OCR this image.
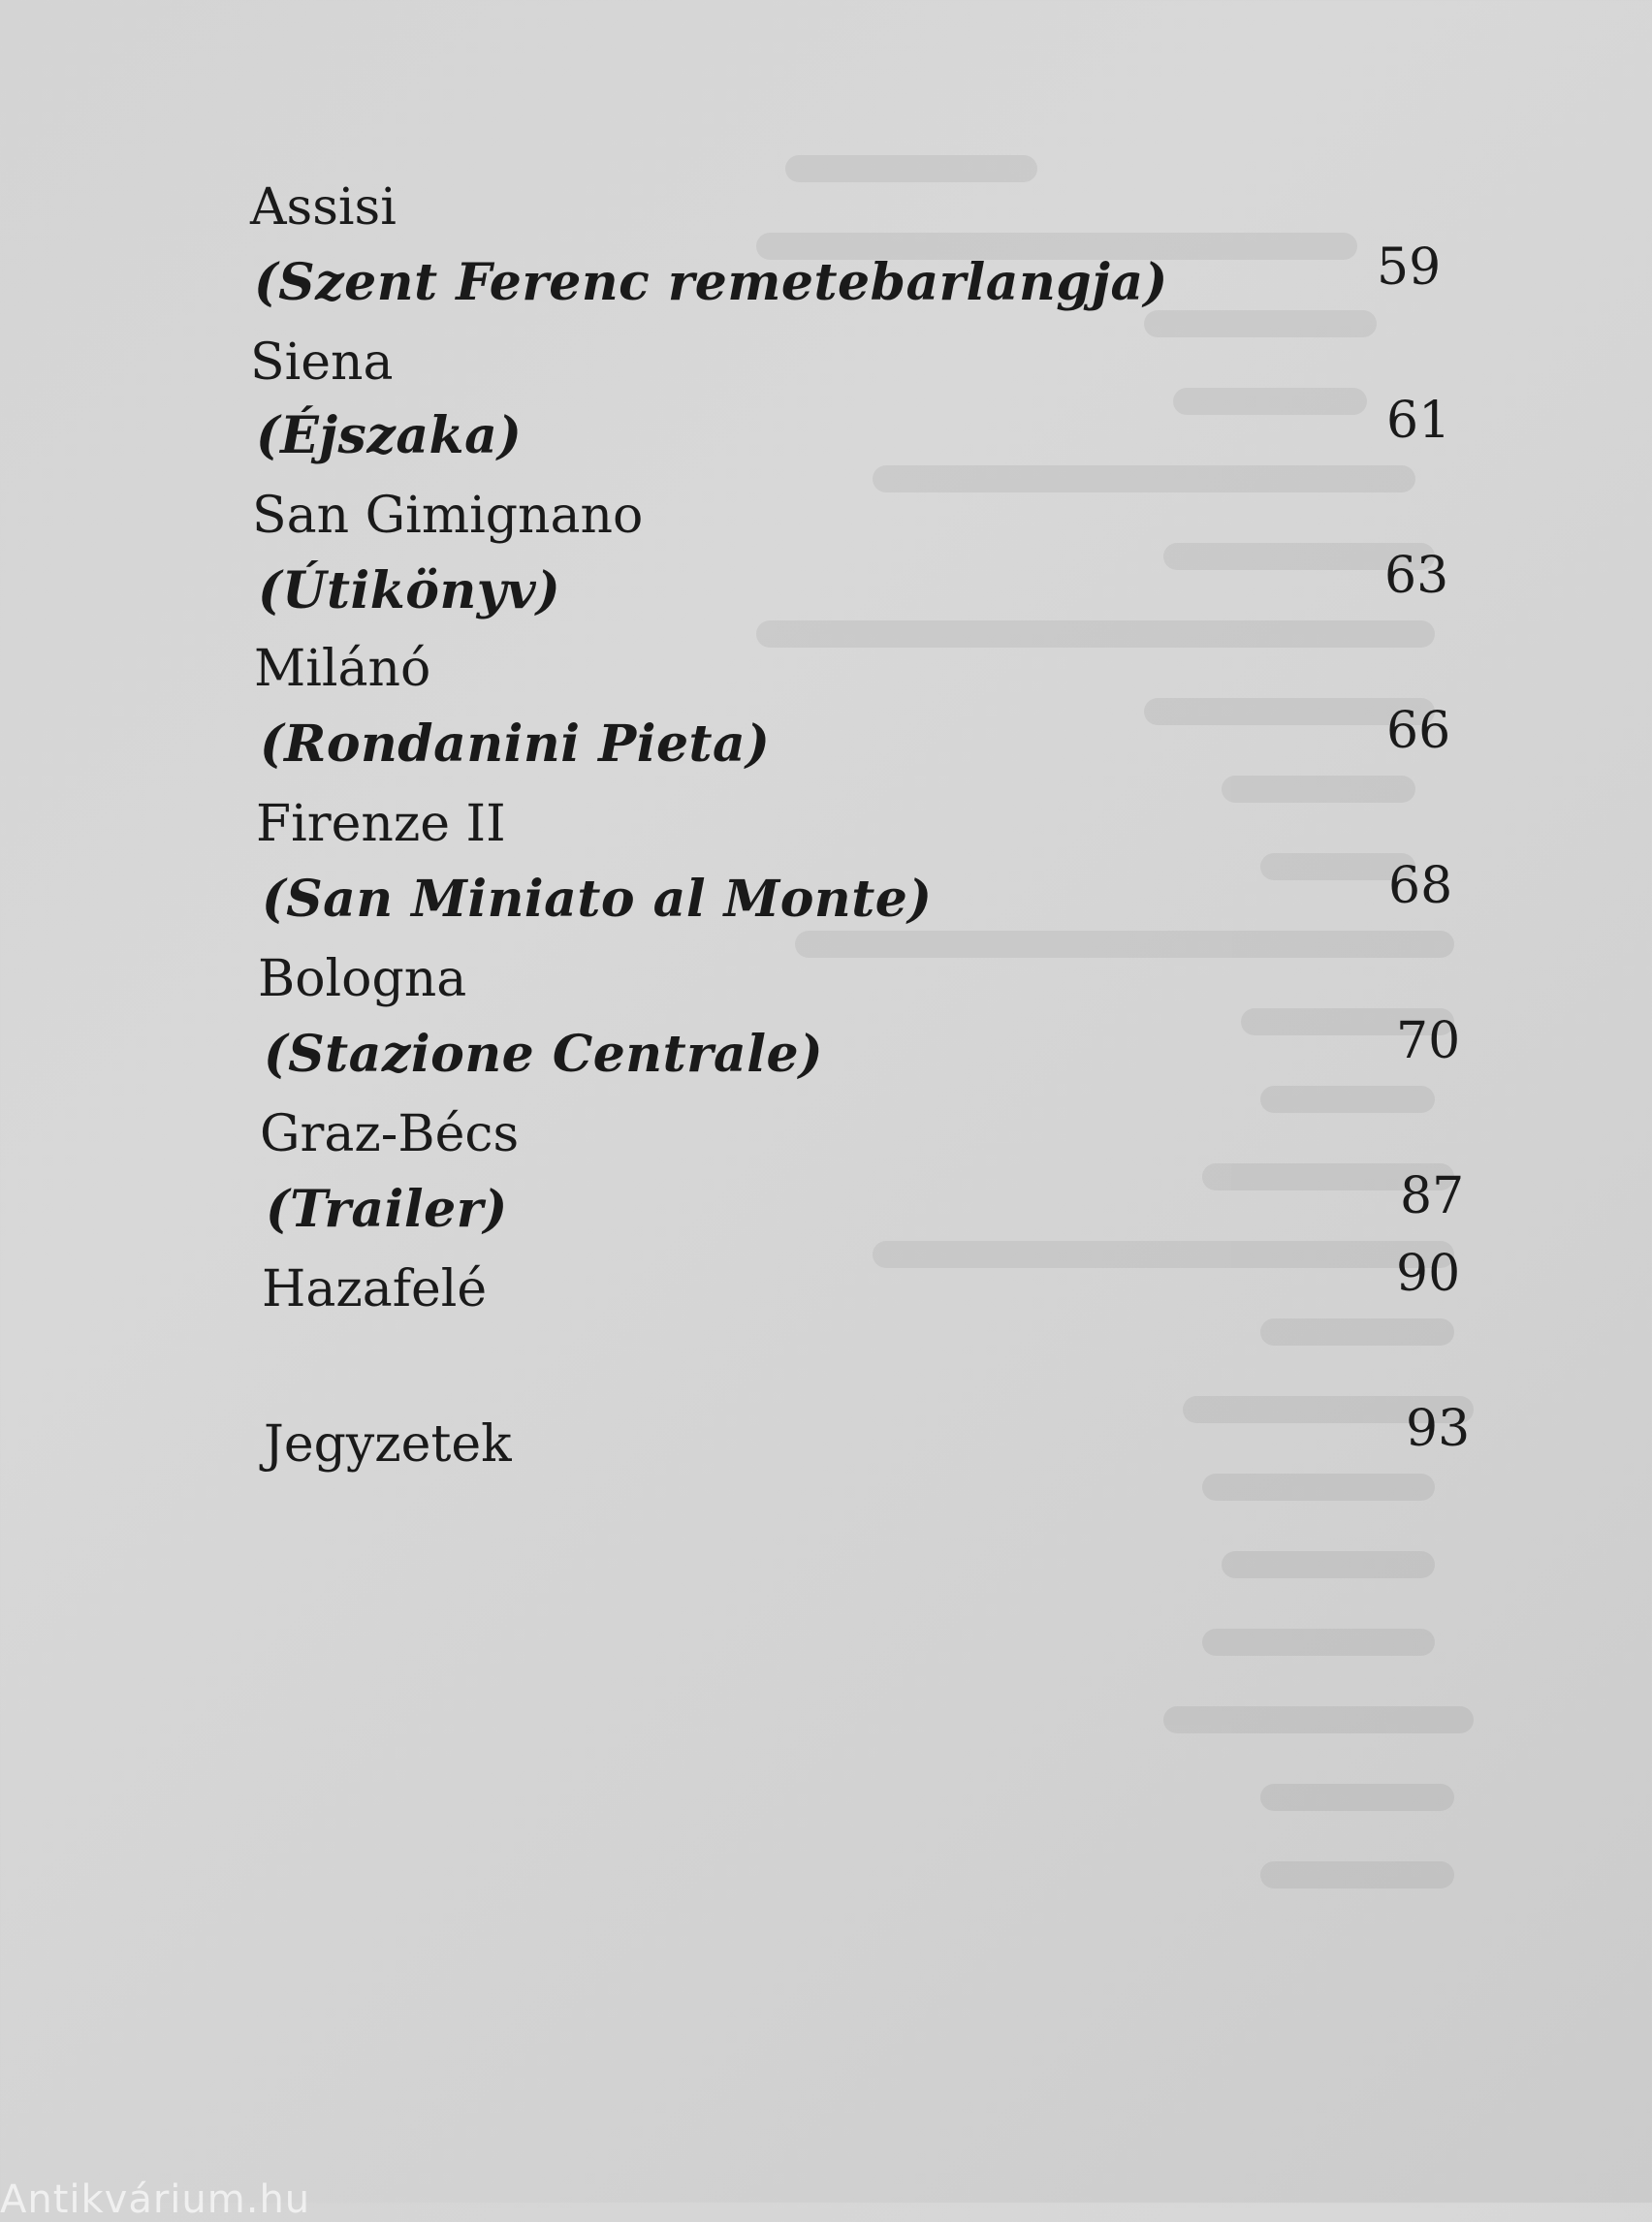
Assisi
(Szent Ferenc remetebarlangja)	59
Siena
(Éjszaka)	61
San Gimignano
(Útikönyv)	63
Milánó
(Rondanini Pieta)	66
Firenze II
(San Miniato al Monte)	68
Bologna
(Stazione Centrale)	70
Graz-Bécs
(Trailer)	87
Hazafelé	90
Jegyzetek	93
Antikvárium.hu
